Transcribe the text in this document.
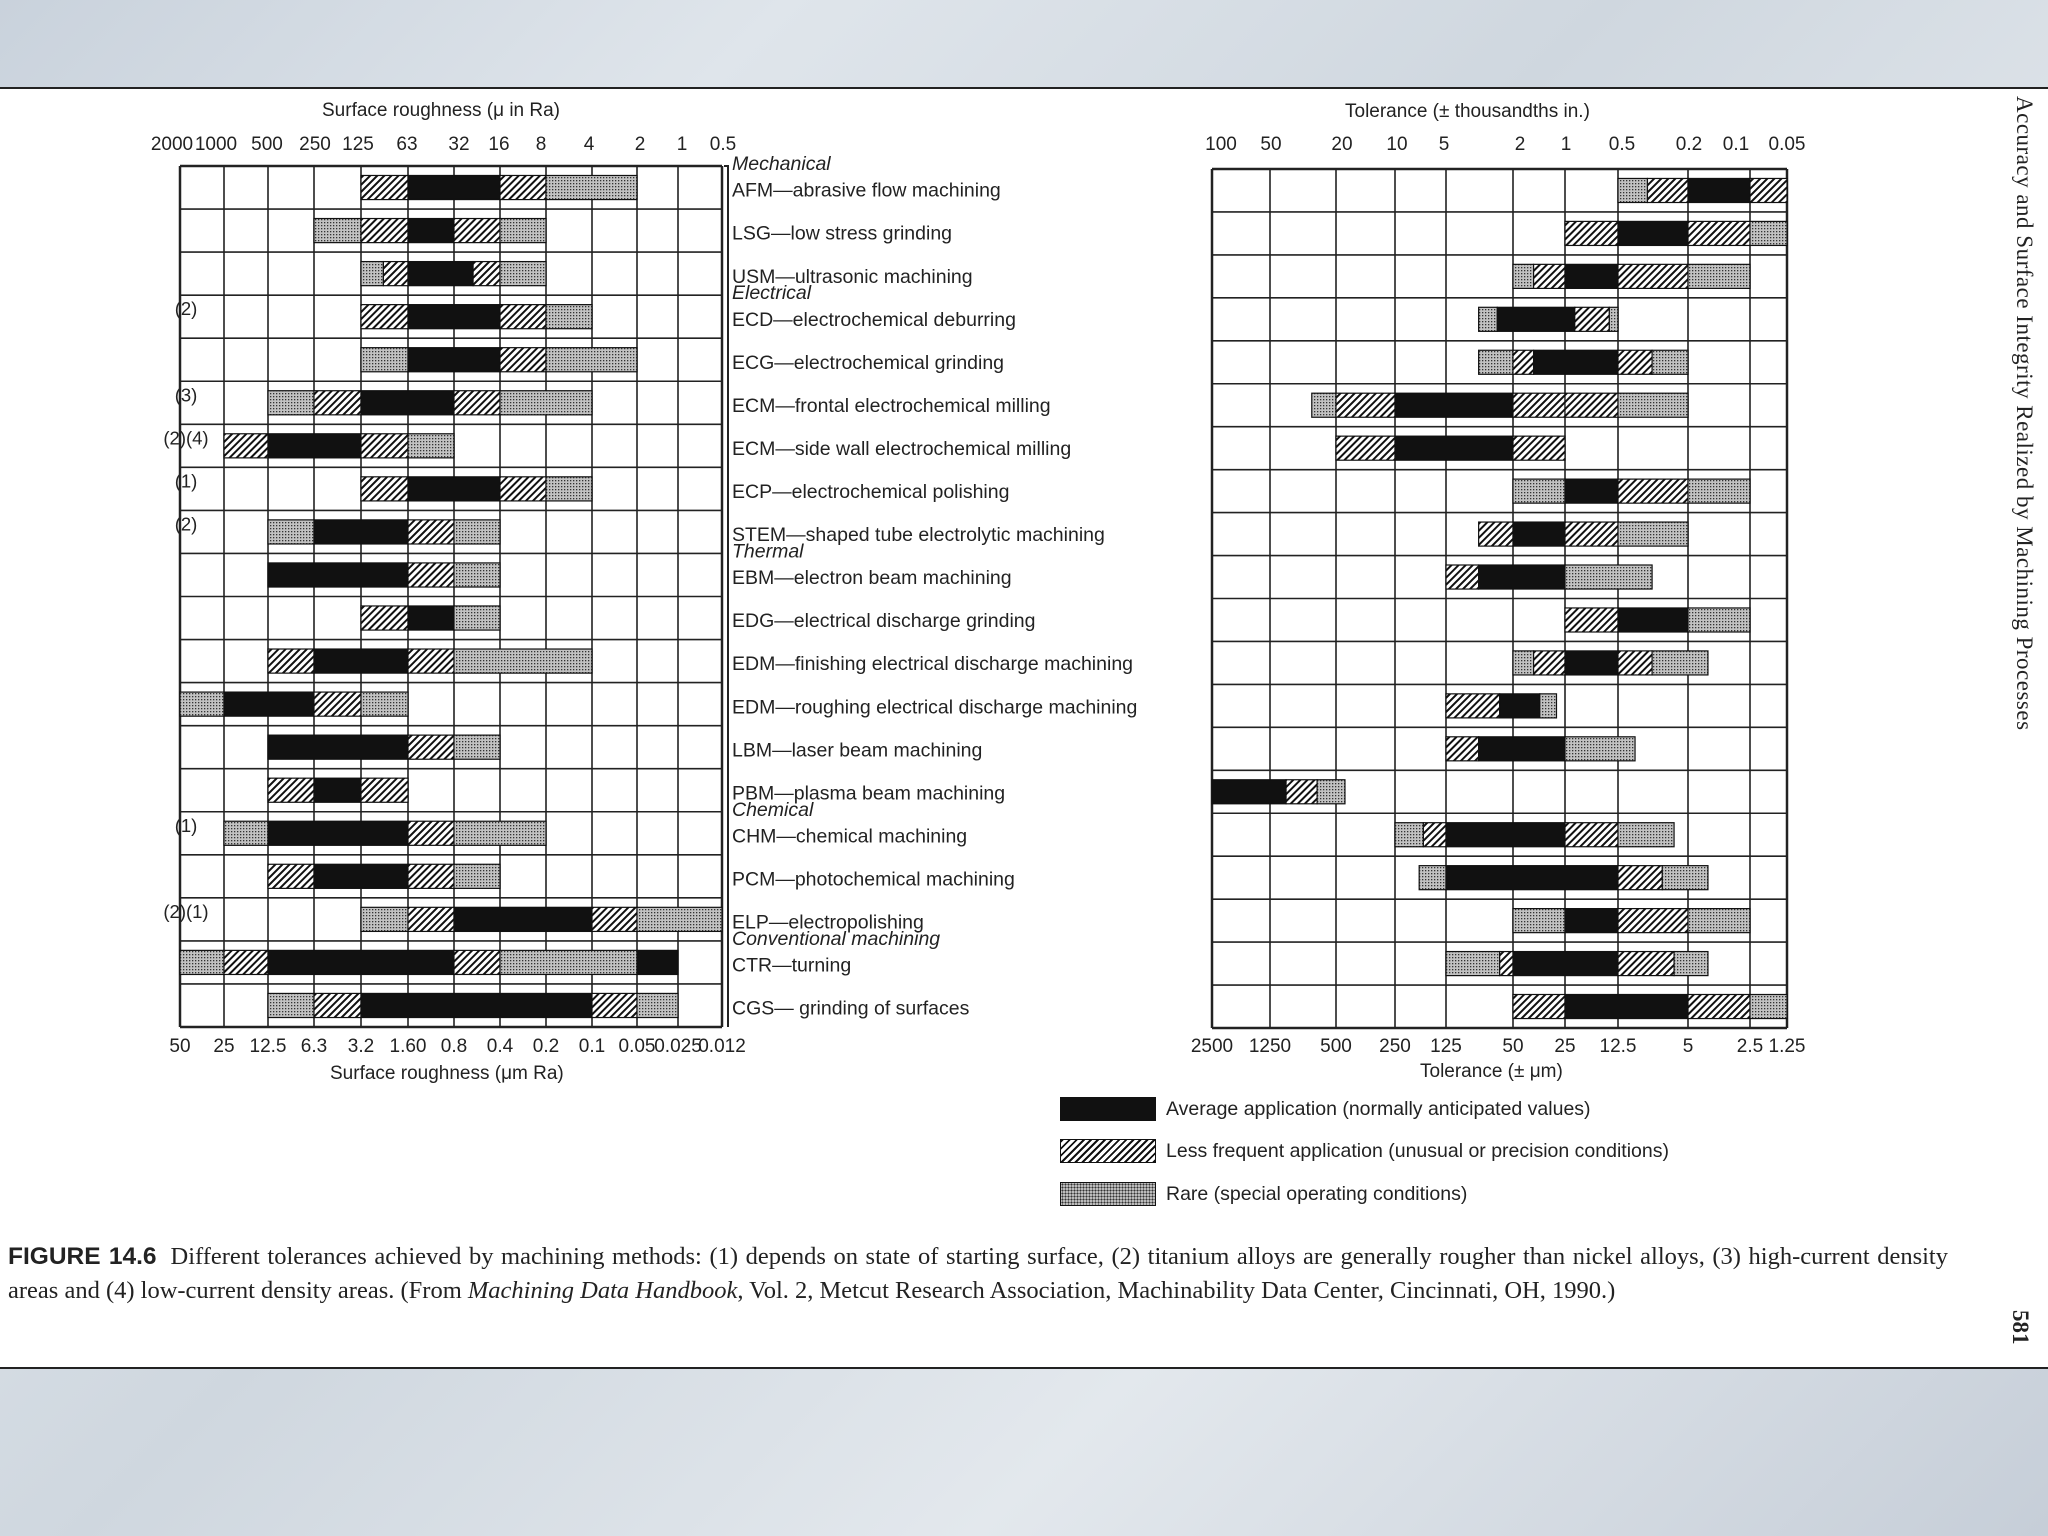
2000 1000 500 250 125 63 32 16 8 4 2 1 0.5
50 25 12.5 6.3 3.2 1.60 0.8 0.4 0.2 0.1 0.05
0.025
0.012
100 50	20 10 5	2 1 0.5 0.2 0.1 0.05
2500 1250 500 250 125 50 25 12.5 5 2.5 1.25
AFM—abrasive flow machining
LSG—low stress grinding
USM—ultrasonic machining
ECD—electrochemical deburring
(2)
ECG—electrochemical grinding
ECM—frontal electrochemical milling
(3)
ECM—side wall electrochemical milling
(2)(4)
ECP—electrochemical polishing
(1)
STEM—shaped tube electrolytic machining
(2)
EBM—electron beam machining
EDG—electrical discharge grinding
EDM—finishing electrical discharge machining
EDM—roughing electrical discharge machining
LBM—laser beam machining
PBM—plasma beam machining
CHM—chemical machining
(1)
PCM—photochemical machining
ELP—electropolishing
(2)(1)
CTR—turning
CGS— grinding of surfaces
Mechanical
Electrical
Thermal
Chemical
Conventional machining
Surface roughness (μ in Ra)	Tolerance (± thousandths in.)
Surface roughness (μm Ra)	Tolerance (± μm)
Average application (normally anticipated values)
Less frequent application (unusual or precision conditions)
Rare (special operating conditions)
FIGURE 14.6 Different tolerances achieved by machining methods: (1) depends on state of starting surface, (2) titanium alloys are generally rougher than nickel alloys, (3) high-current density areas and (4) low-current density areas. (From Machining Data Handbook, Vol. 2, Metcut Research Association, Machinability Data Center, Cincinnati, OH, 1990.)
Accuracy and Surface Integrity Realized by Machining Processes
581
